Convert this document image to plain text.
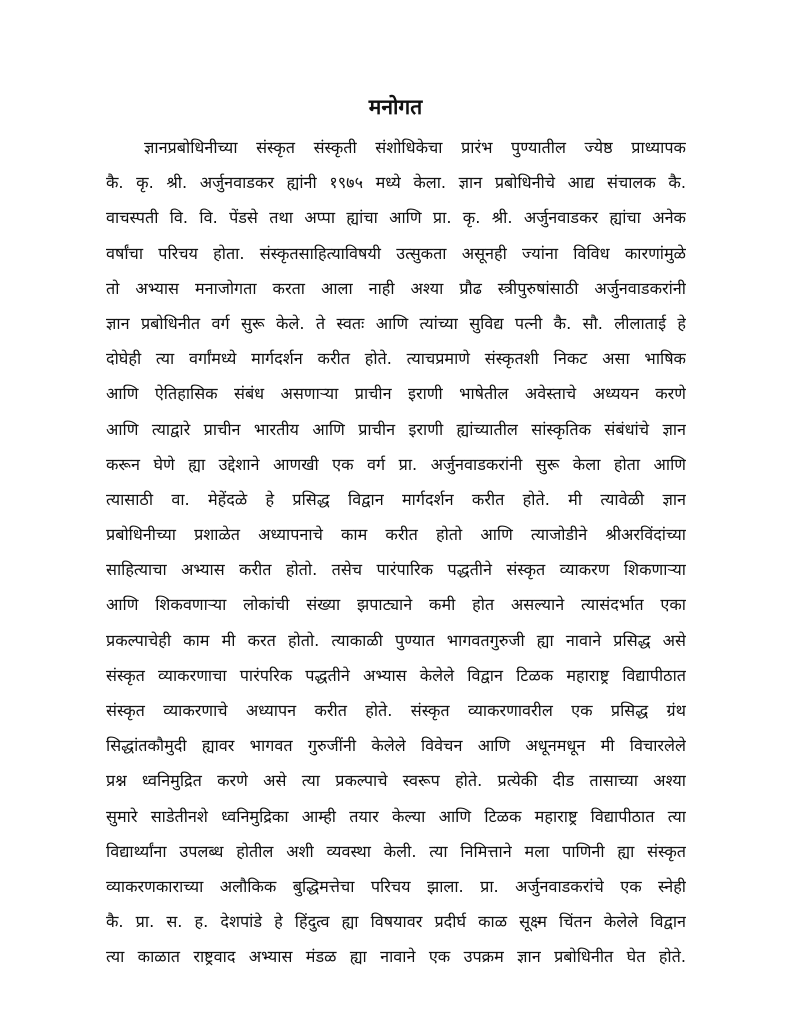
मनोगत
ज्ञानप्रबोधिनीच्या संस्कृत संस्कृती संशोधिकेचा प्रारंभ पुण्यातील ज्येष्ठ प्राध्यापक
कै. कृ. श्री. अर्जुनवाडकर ह्यांनी १९७५ मध्ये केला. ज्ञान प्रबोधिनीचे आद्य संचालक कै.
वाचस्पती वि. वि. पेंडसे तथा अप्पा ह्यांचा आणि प्रा. कृ. श्री. अर्जुनवाडकर ह्यांचा अनेक
वर्षांचा परिचय होता. संस्कृतसाहित्याविषयी उत्सुकता असूनही ज्यांना विविध कारणांमुळे
तो अभ्यास मनाजोगता करता आला नाही अश्या प्रौढ स्त्रीपुरुषांसाठी अर्जुनवाडकरांनी
ज्ञान प्रबोधिनीत वर्ग सुरू केले. ते स्वतः आणि त्यांच्या सुविद्य पत्नी कै. सौ. लीलाताई हे
दोघेही त्या वर्गांमध्ये मार्गदर्शन करीत होते. त्याचप्रमाणे संस्कृतशी निकट असा भाषिक
आणि ऐतिहासिक संबंध असणाऱ्या प्राचीन इराणी भाषेतील अवेस्ताचे अध्ययन करणे
आणि त्याद्वारे प्राचीन भारतीय आणि प्राचीन इराणी ह्यांच्यातील सांस्कृतिक संबंधांचे ज्ञान
करून घेणे ह्या उद्देशाने आणखी एक वर्ग प्रा. अर्जुनवाडकरांनी सुरू केला होता आणि
त्यासाठी वा. मेहेंदळे हे प्रसिद्ध विद्वान मार्गदर्शन करीत होते. मी त्यावेळी ज्ञान
प्रबोधिनीच्या प्रशाळेत अध्यापनाचे काम करीत होतो आणि त्याजोडीने श्रीअरविंदांच्या
साहित्याचा अभ्यास करीत होतो. तसेच पारंपारिक पद्धतीने संस्कृत व्याकरण शिकणाऱ्या
आणि शिकवणाऱ्या लोकांची संख्या झपाट्याने कमी होत असल्याने त्यासंदर्भात एका
प्रकल्पाचेही काम मी करत होतो. त्याकाळी पुण्यात भागवतगुरुजी ह्या नावाने प्रसिद्ध असे
संस्कृत व्याकरणाचा पारंपरिक पद्धतीने अभ्यास केलेले विद्वान टिळक महाराष्ट्र विद्यापीठात
संस्कृत व्याकरणाचे अध्यापन करीत होते. संस्कृत व्याकरणावरील एक प्रसिद्ध ग्रंथ
सिद्धांतकौमुदी ह्यावर भागवत गुरुजींनी केलेले विवेचन आणि अधूनमधून मी विचारलेले
प्रश्न ध्वनिमुद्रित करणे असे त्या प्रकल्पाचे स्वरूप होते. प्रत्येकी दीड तासाच्या अश्या
सुमारे साडेतीनशे ध्वनिमुद्रिका आम्ही तयार केल्या आणि टिळक महाराष्ट्र विद्यापीठात त्या
विद्यार्थ्यांना उपलब्ध होतील अशी व्यवस्था केली. त्या निमित्ताने मला पाणिनी ह्या संस्कृत
व्याकरणकाराच्या अलौकिक बुद्धिमत्तेचा परिचय झाला. प्रा. अर्जुनवाडकरांचे एक स्नेही
कै. प्रा. स. ह. देशपांडे हे हिंदुत्व ह्या विषयावर प्रदीर्घ काळ सूक्ष्म चिंतन केलेले विद्वान
त्या काळात राष्ट्रवाद अभ्यास मंडळ ह्या नावाने एक उपक्रम ज्ञान प्रबोधिनीत घेत होते.
